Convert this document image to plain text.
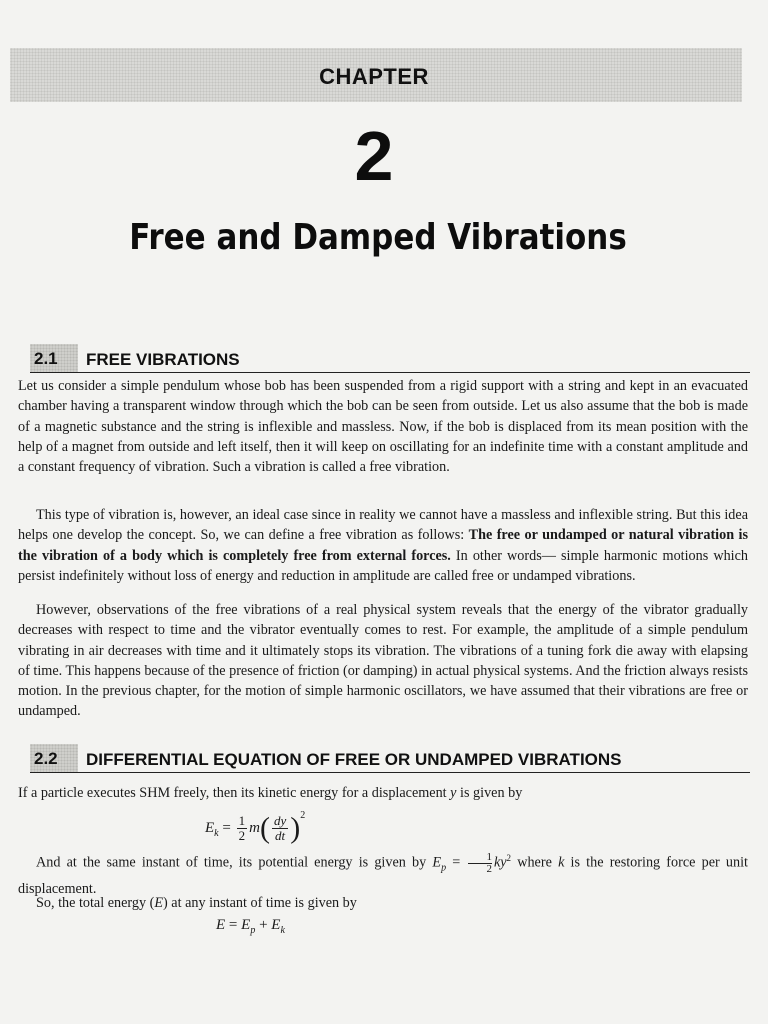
CHAPTER
2
Free and Damped Vibrations
2.1	FREE VIBRATIONS

Let us consider a simple pendulum whose bob has been suspended from a rigid support with a string and kept in an evacuated chamber having a transparent window through which the bob can be seen from outside. Let us also assume that the bob is made of a magnetic substance and the string is inflexible and massless. Now, if the bob is displaced from its mean position with the help of a magnet from outside and left itself, then it will keep on oscillating for an indefinite time with a constant amplitude and a constant frequency of vibration. Such a vibration is called a free vibration.

This type of vibration is, however, an ideal case since in reality we cannot have a massless and inflexible string. But this idea helps one develop the concept. So, we can define a free vibration as follows: The free or undamped or natural vibration is the vibration of a body which is completely free from external forces. In other words— simple harmonic motions which persist indefinitely without loss of energy and reduction in amplitude are called free or undamped vibrations.

However, observations of the free vibrations of a real physical system reveals that the energy of the vibrator gradually decreases with respect to time and the vibrator eventually comes to rest. For example, the amplitude of a simple pendulum vibrating in air decreases with time and it ultimately stops its vibration. The vibrations of a tuning fork die away with elapsing of time. This happens because of the presence of friction (or damping) in actual physical systems. And the friction always resists motion. In the previous chapter, for the motion of simple harmonic oscillators, we have assumed that their vibrations are free or undamped.

2.2	DIFFERENTIAL EQUATION OF FREE OR UNDAMPED VIBRATIONS

If a particle executes SHM freely, then its kinetic energy for a displacement y is given by

$E_k = \frac{1}{2} m( \frac{dy}{dt} )^2$

And at the same instant of time, its potential energy is given by $E_p = \frac{1}{2} ky^2$ where k is the restoring force per unit displacement.

So, the total energy (E) at any instant of time is given by

$E = E_p + E_k$
